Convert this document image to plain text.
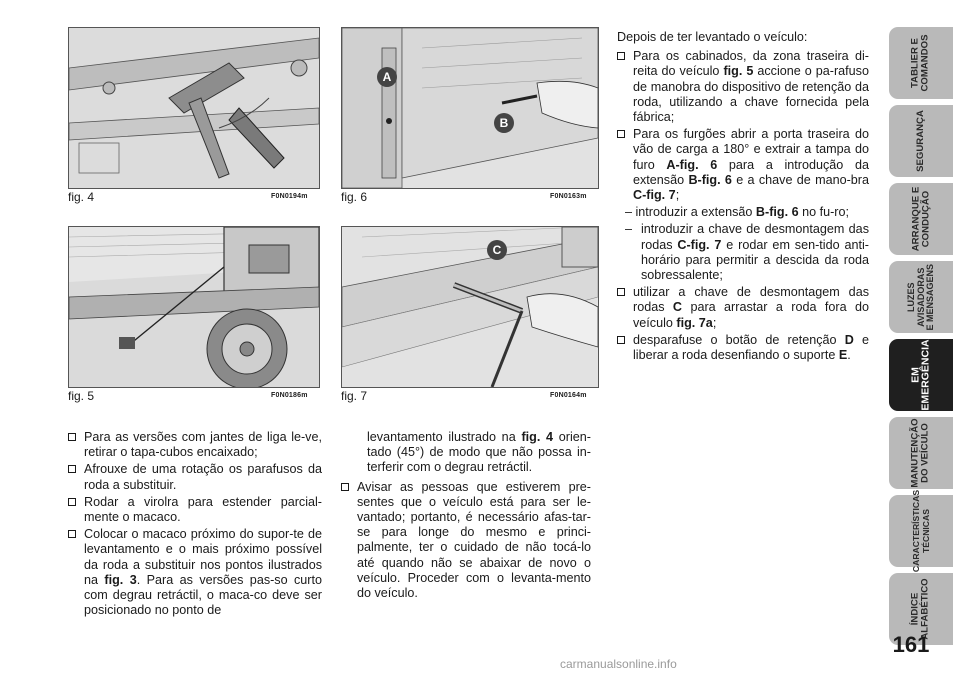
fig. 4	F0N0194m
A
B
fig. 6	F0N0163m
fig. 5	F0N0186m
C
fig. 7	F0N0164m
Para as versões com jantes de liga le-ve, retirar o tapa-cubos encaixado;
Afrouxe de uma rotação os parafusos da roda a substituir.
Rodar a virolra para estender parcial-mente o macaco.
Colocar o macaco próximo do supor-te de levantamento e o mais próximo possível da roda a substituir nos pontos ilustrados na fig. 3. Para as versões pas-so curto com degrau retráctil, o maca-co deve ser posicionado no ponto de

levantamento ilustrado na fig. 4 orien-tado (45°) de modo que não possa in-terferir com o degrau retráctil.

Avisar as pessoas que estiverem pre-sentes que o veículo está para ser le-vantado; portanto, é necessário afas-tar-se para longe do mesmo e princi-palmente, ter o cuidado de não tocá-lo até quando não se abaixar de novo o veículo. Proceder com o levanta-mento do veículo.

Depois de ter levantado o veículo:

Para os cabinados, da zona traseira di-reita do veículo fig. 5 accione o pa-rafuso de manobra do dispositivo de retenção da roda, utilizando a chave fornecida pela fábrica;
Para os furgões abrir a porta traseira do vão de carga a 180° e extrair a tampa do furo A-fig. 6 para a introdução da extensão B-fig. 6 e a chave de mano-bra C-fig. 7;
– introduzir a extensão B-fig. 6 no fu-ro;
– introduzir a chave de desmontagem das rodas C-fig. 7 e rodar em sen-tido anti-horário para permitir a descida da roda sobressalente;
utilizar a chave de desmontagem das rodas C para arrastar a roda fora do veículo fig. 7a;
desparafuse o botão de retenção D e liberar a roda desenfiando o suporte E.
TABLIER E COMANDOS
SEGURANÇA
ARRANQUE E CONDUÇÃO
LUZES AVISADORAS E MENSAGENS
EM
EMERGÊNCIA
MANUTENÇÃO DO VEÍCULO
CARACTERÍSTICAS TÉCNICAS
ÍNDICE ALFABÉTICO
161
carmanualsonline.info
